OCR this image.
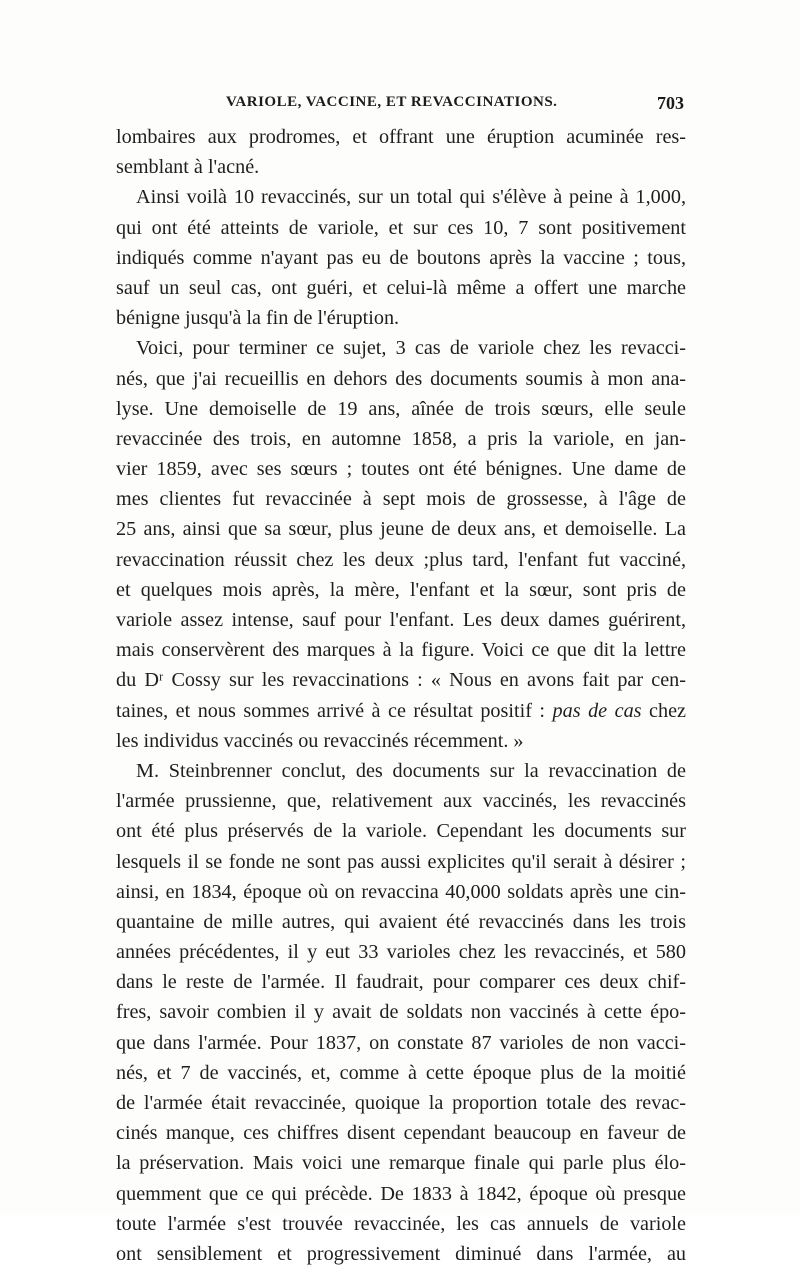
VARIOLE, VACCINE, ET REVACCINATIONS.	703
lombaires aux prodromes, et offrant une éruption acuminée res-
semblant à l'acné.
Ainsi voilà 10 revaccinés, sur un total qui s'élève à peine à 1,000,
qui ont été atteints de variole, et sur ces 10, 7 sont positivement
indiqués comme n'ayant pas eu de boutons après la vaccine ; tous,
sauf un seul cas, ont guéri, et celui-là même a offert une marche
bénigne jusqu'à la fin de l'éruption.
Voici, pour terminer ce sujet, 3 cas de variole chez les revacci-
nés, que j'ai recueillis en dehors des documents soumis à mon ana-
lyse. Une demoiselle de 19 ans, aînée de trois sœurs, elle seule
revaccinée des trois, en automne 1858, a pris la variole, en jan-
vier 1859, avec ses sœurs ; toutes ont été bénignes. Une dame de
mes clientes fut revaccinée à sept mois de grossesse, à l'âge de
25 ans, ainsi que sa sœur, plus jeune de deux ans, et demoiselle. La
revaccination réussit chez les deux ;plus tard, l'enfant fut vacciné,
et quelques mois après, la mère, l'enfant et la sœur, sont pris de
variole assez intense, sauf pour l'enfant. Les deux dames guérirent,
mais conservèrent des marques à la figure. Voici ce que dit la lettre
du Dʳ Cossy sur les revaccinations : « Nous en avons fait par cen-
taines, et nous sommes arrivé à ce résultat positif : pas de cas chez
les individus vaccinés ou revaccinés récemment. »
M. Steinbrenner conclut, des documents sur la revaccination de
l'armée prussienne, que, relativement aux vaccinés, les revaccinés
ont été plus préservés de la variole. Cependant les documents sur
lesquels il se fonde ne sont pas aussi explicites qu'il serait à désirer ;
ainsi, en 1834, époque où on revaccina 40,000 soldats après une cin-
quantaine de mille autres, qui avaient été revaccinés dans les trois
années précédentes, il y eut 33 varioles chez les revaccinés, et 580
dans le reste de l'armée. Il faudrait, pour comparer ces deux chif-
fres, savoir combien il y avait de soldats non vaccinés à cette épo-
que dans l'armée. Pour 1837, on constate 87 varioles de non vacci-
nés, et 7 de vaccinés, et, comme à cette époque plus de la moitié
de l'armée était revaccinée, quoique la proportion totale des revac-
cinés manque, ces chiffres disent cependant beaucoup en faveur de
la préservation. Mais voici une remarque finale qui parle plus élo-
quemment que ce qui précède. De 1833 à 1842, époque où presque
toute l'armée s'est trouvée revaccinée, les cas annuels de variole
ont sensiblement et progressivement diminué dans l'armée, au
